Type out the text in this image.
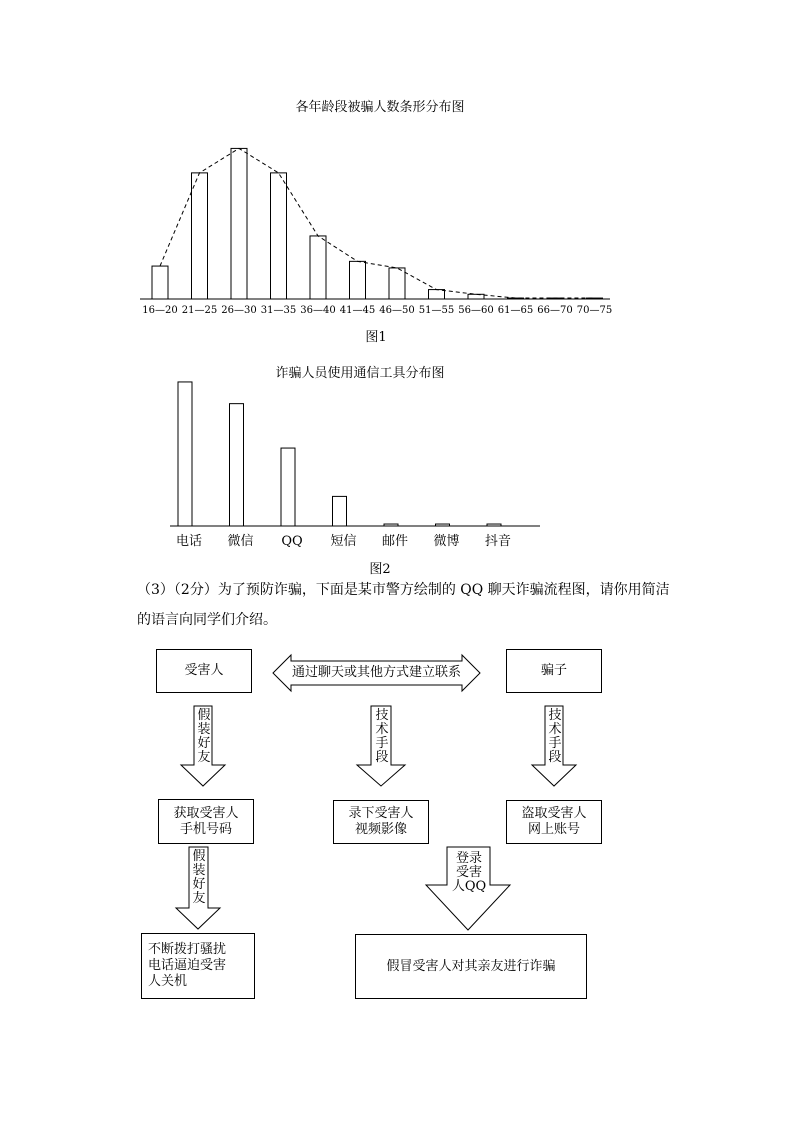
各年龄段被骗人数条形分布图
16—20 21—25 26—30 31—35 36—40 41—45 46—50 51—55 56—60 61—65 66—70 70—75
图1
诈骗人员使用通信工具分布图
电话 微信 QQ 短信 邮件 微博 抖音
图2
（3）（2分）为了预防诈骗，下面是某市警方绘制的 QQ 聊天诈骗流程图，请你用简洁
的语言向同学们介绍。
受害人	通过聊天或其他方式建立联系	骗子
假
装
好
友
技
术
手
段
技
术
手
段
获取受害人
手机号码
录下受害人
视频影像
盗取受害人
网上账号
假
装
好
友
登录
受害
人QQ
不断拨打骚扰
电话逼迫受害
人关机
假冒受害人对其亲友进行诈骗
